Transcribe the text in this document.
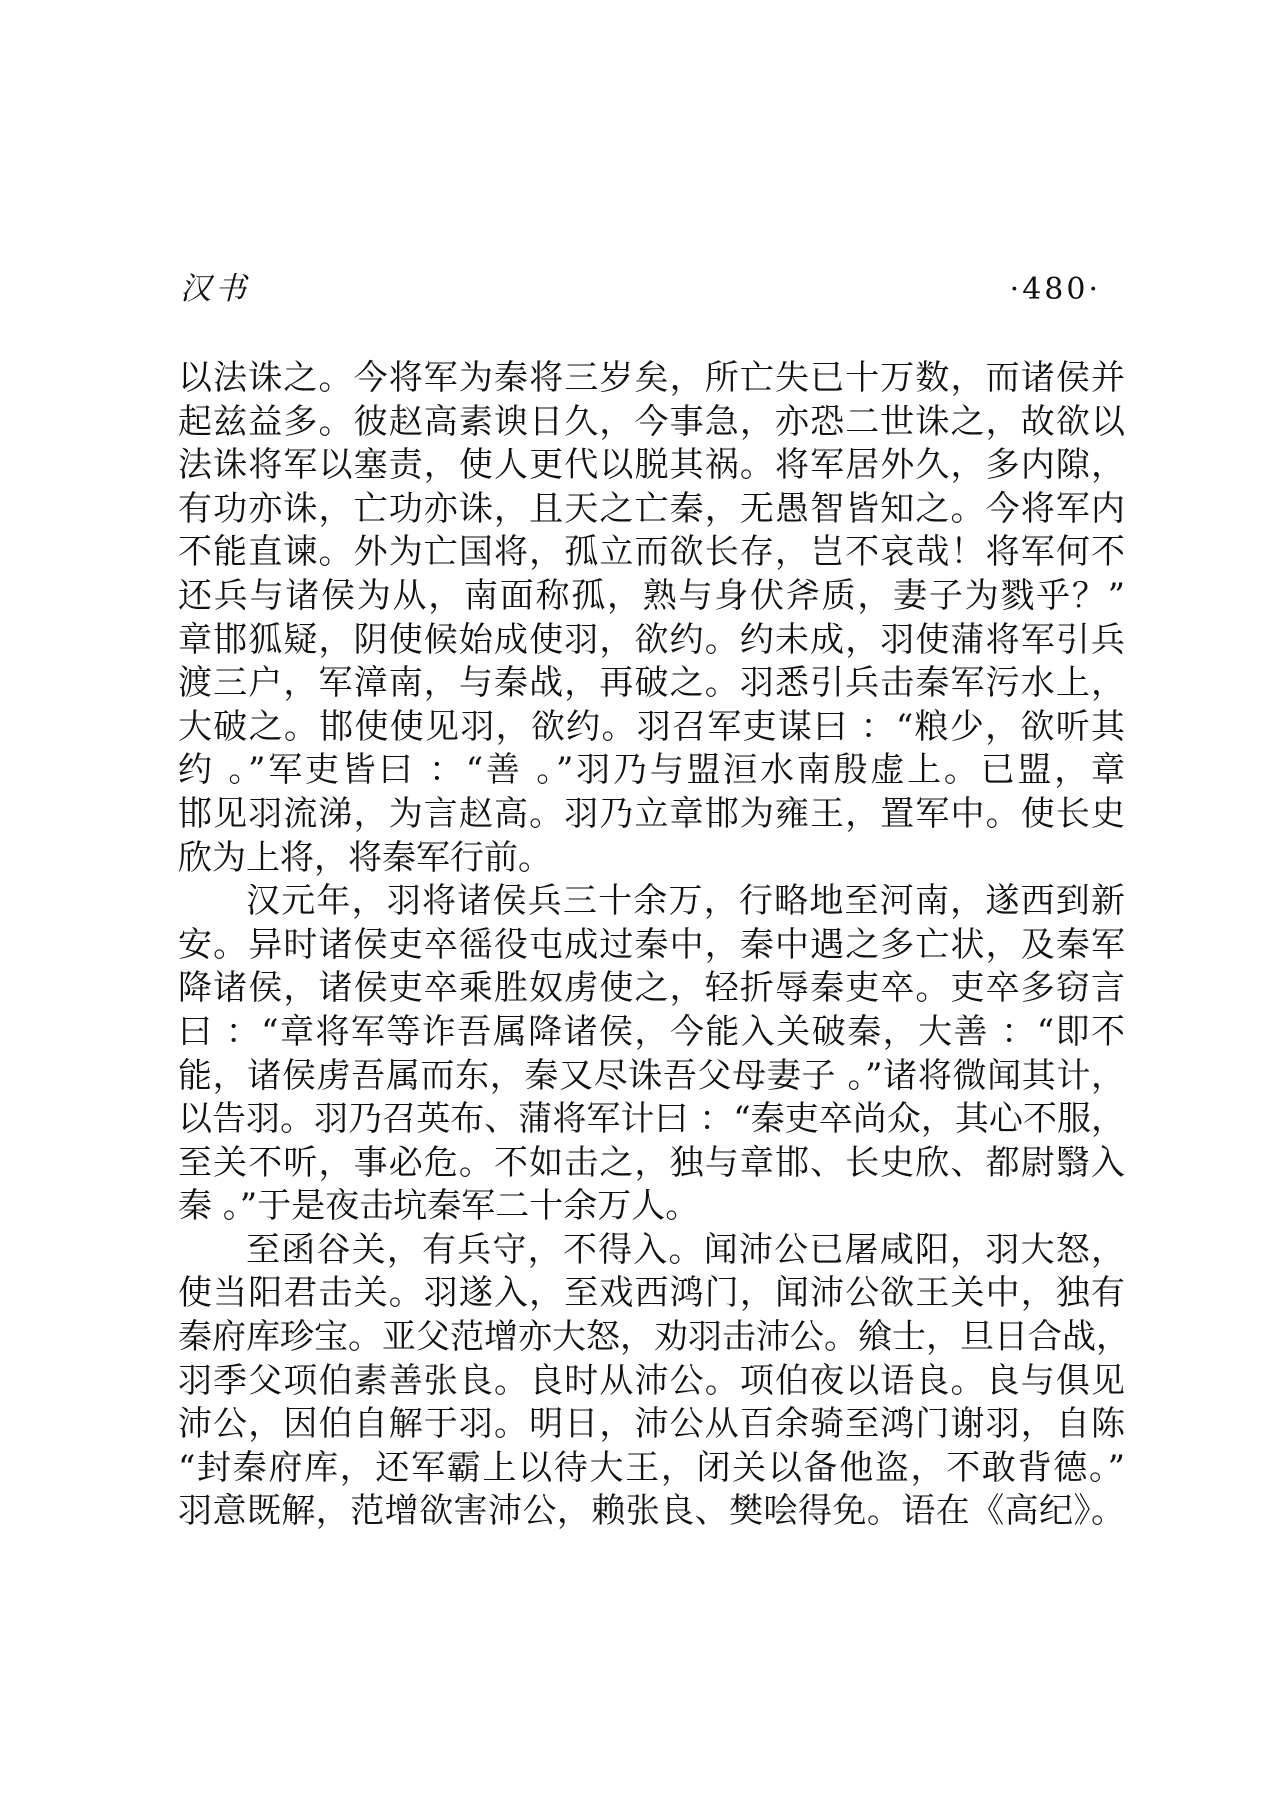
汉书	·480·
以法诛之。今将军为秦将三岁矣，所亡失已十万数，而诸侯并
起兹益多。彼赵高素谀日久，今事急，亦恐二世诛之，故欲以
法诛将军以塞责，使人更代以脱其祸。将军居外久，多内隙，
有功亦诛，亡功亦诛，且天之亡秦，无愚智皆知之。今将军内
不能直谏。外为亡国将，孤立而欲长存，岂不哀哉！将军何不
还兵与诸侯为从，南面称孤，熟与身伏斧质，妻子为戮乎？”
章邯狐疑，阴使候始成使羽，欲约。约未成，羽使蒲将军引兵
渡三户，军漳南，与秦战，再破之。羽悉引兵击秦军污水上，
大破之。邯使使见羽，欲约。羽召军吏谋曰 ：“粮少，欲听其
约 。”军吏皆曰 ：“善 。”羽乃与盟洹水南殷虚上。已盟，章
邯见羽流涕，为言赵高。羽乃立章邯为雍王，置军中。使长史
欣为上将，将秦军行前。
汉元年，羽将诸侯兵三十余万，行略地至河南，遂西到新
安。异时诸侯吏卒徭役屯成过秦中，秦中遇之多亡状，及秦军
降诸侯，诸侯吏卒乘胜奴虏使之，轻折辱秦吏卒。吏卒多窃言
曰 ：“章将军等诈吾属降诸侯，今能入关破秦，大善 ：“即不
能，诸侯虏吾属而东，秦又尽诛吾父母妻子 。”诸将微闻其计，
以告羽。羽乃召英布、蒲将军计曰 ：“秦吏卒尚众，其心不服，
至关不听，事必危。不如击之，独与章邯、长史欣、都尉翳入
秦 。”于是夜击坑秦军二十余万人。
至函谷关，有兵守，不得入。闻沛公已屠咸阳，羽大怒，
使当阳君击关。羽遂入，至戏西鸿门，闻沛公欲王关中，独有
秦府库珍宝。亚父范增亦大怒，劝羽击沛公。飨士，旦日合战，
羽季父项伯素善张良。良时从沛公。项伯夜以语良。良与俱见
沛公，因伯自解于羽。明日，沛公从百余骑至鸿门谢羽，自陈
“封秦府库，还军霸上以待大王，闭关以备他盗，不敢背德。”
羽意既解，范增欲害沛公，赖张良、樊哙得免。语在《高纪》。
